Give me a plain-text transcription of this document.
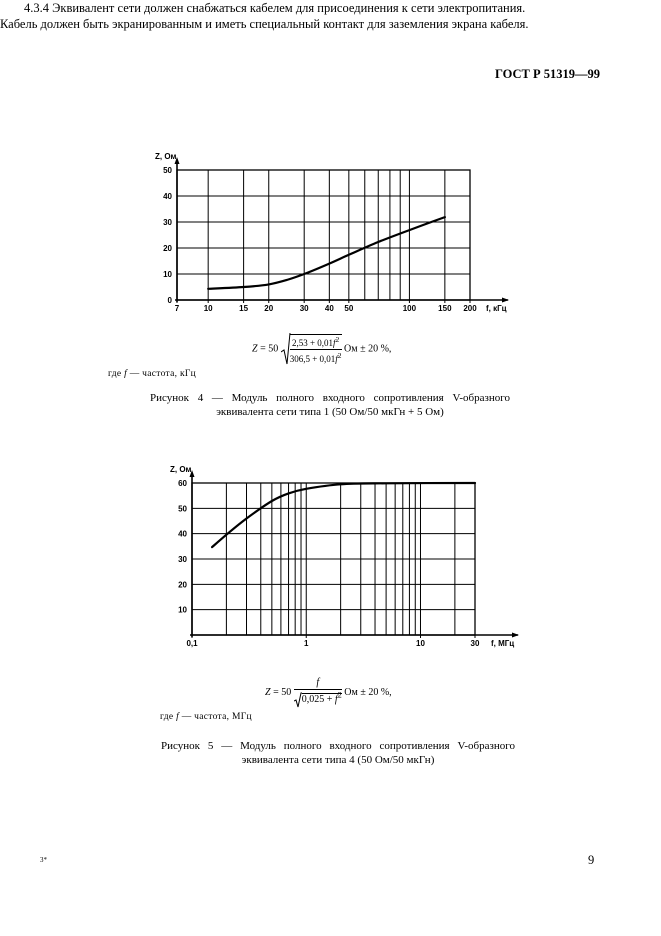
ГОСТ Р 51319—99

4.3.4 Эквивалент сети должен снабжаться кабелем для присоединения к сети электропитания.

Кабель должен быть экранированным и иметь специальный контакт для заземления экрана кабеля.

0
10
20
30
40
50
7	10	15 20	30 40 50	100	150 200
Z, Ом
f, кГц
$Z = 50 \frac{2,53 + 0,01f^2}{306,5 + 0,01f^2}$ Ом ± 20 %,
где f — частота, кГц
Рисунок 4 — Модуль полного входного сопротивления V-образного
эквивалента сети типа 1 (50 Ом/50 мкГн + 5 Ом)
10
20
30
40
50
60
0,1	1	10	30
Z, Ом
f, МГц
$Z = 50 \frac{f}{0,025 + f^2}$ Ом ± 20 %,
где f — частота, МГц
Рисунок 5 — Модуль полного входного сопротивления V-образного
эквивалента сети типа 4 (50 Ом/50 мкГн)
3*	9
